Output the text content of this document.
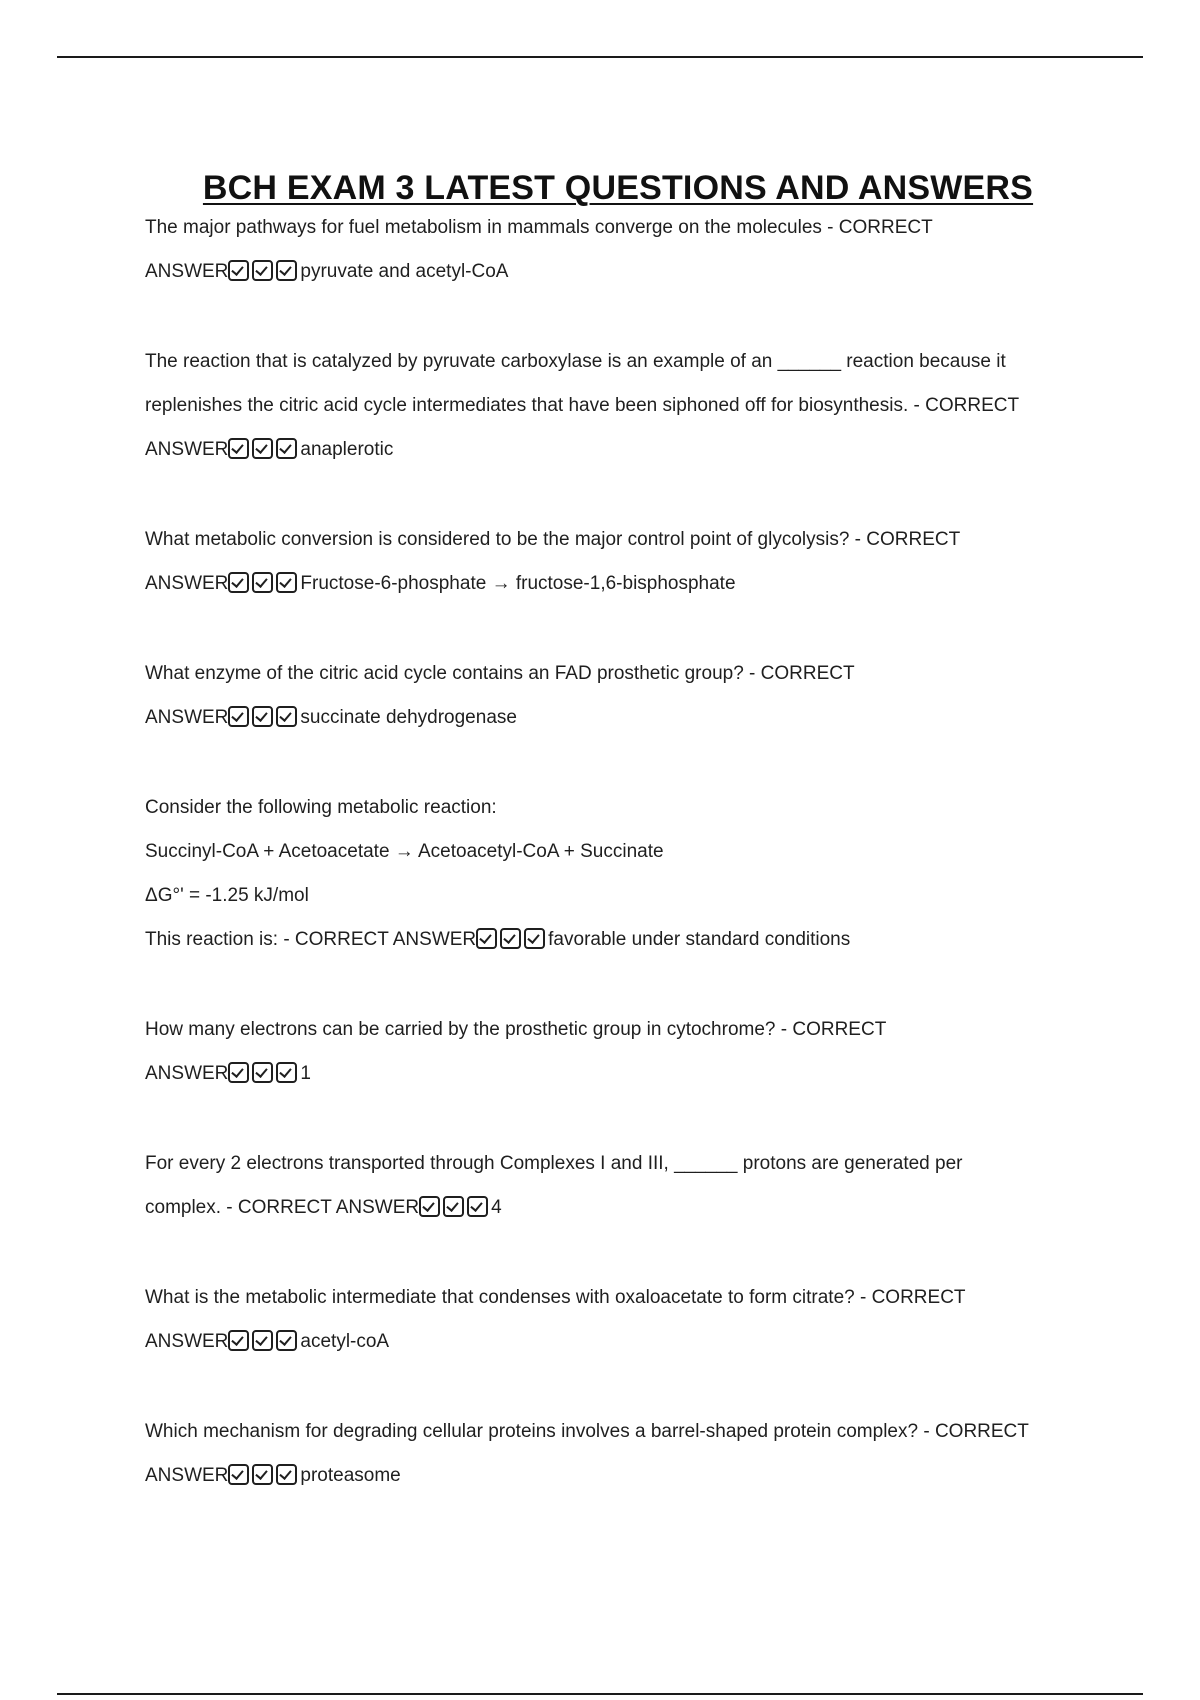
BCH EXAM 3 LATEST QUESTIONS AND ANSWERS

The major pathways for fuel metabolism in mammals converge on the molecules - CORRECT

ANSWER	pyruvate and acetyl-CoA

The reaction that is catalyzed by pyruvate carboxylase is an example of an ______ reaction because it

replenishes the citric acid cycle intermediates that have been siphoned off for biosynthesis. - CORRECT

ANSWER	anaplerotic

What metabolic conversion is considered to be the major control point of glycolysis? - CORRECT

ANSWER	Fructose-6-phosphate → fructose-1,6-bisphosphate

What enzyme of the citric acid cycle contains an FAD prosthetic group? - CORRECT

ANSWER	succinate dehydrogenase

Consider the following metabolic reaction:

Succinyl-CoA + Acetoacetate → Acetoacetyl-CoA + Succinate

ΔG°' = -1.25 kJ/mol

This reaction is: - CORRECT ANSWER	favorable under standard conditions

How many electrons can be carried by the prosthetic group in cytochrome? - CORRECT

ANSWER	1

For every 2 electrons transported through Complexes I and III, ______ protons are generated per

complex. - CORRECT ANSWER	4

What is the metabolic intermediate that condenses with oxaloacetate to form citrate? - CORRECT

ANSWER	acetyl-coA

Which mechanism for degrading cellular proteins involves a barrel-shaped protein complex? - CORRECT

ANSWER	proteasome
